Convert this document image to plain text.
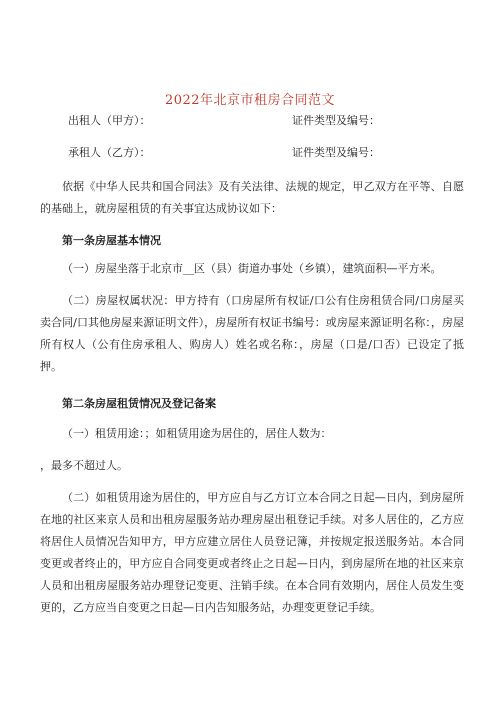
2022年北京市租房合同范文
出租人（甲方）：	证件类型及编号：
承租人（乙方）：	证件类型及编号：

依据《中华人民共和国合同法》及有关法律、法规的规定，甲乙双方在平等、自愿的基础上，就房屋租赁的有关事宜达成协议如下：

第一条房屋基本情况

（一）房屋坐落于北京市__区（县）街道办事处（乡镇），建筑面积—平方米。

（二）房屋权属状况：甲方持有（口房屋所有权证/口公有住房租赁合同/口房屋买卖合同/口其他房屋来源证明文件），房屋所有权证书编号：或房屋来源证明名称：，房屋所有权人（公有住房承租人、购房人）姓名或名称：，房屋（口是/口否）已设定了抵押。

第二条房屋租赁情况及登记备案

（一）租赁用途：；如租赁用途为居住的，居住人数为：

，最多不超过人。

（二）如租赁用途为居住的，甲方应自与乙方订立本合同之日起—日内，到房屋所在地的社区来京人员和出租房屋服务站办理房屋出租登记手续。对多人居住的，乙方应将居住人员情况告知甲方，甲方应建立居住人员登记簿，并按规定报送服务站。本合同变更或者终止的，甲方应自合同变更或者终止之日起—日内，到房屋所在地的社区来京人员和出租房屋服务站办理登记变更、注销手续。在本合同有效期内，居住人员发生变更的，乙方应当自变更之日起—日内告知服务站，办理变更登记手续。
